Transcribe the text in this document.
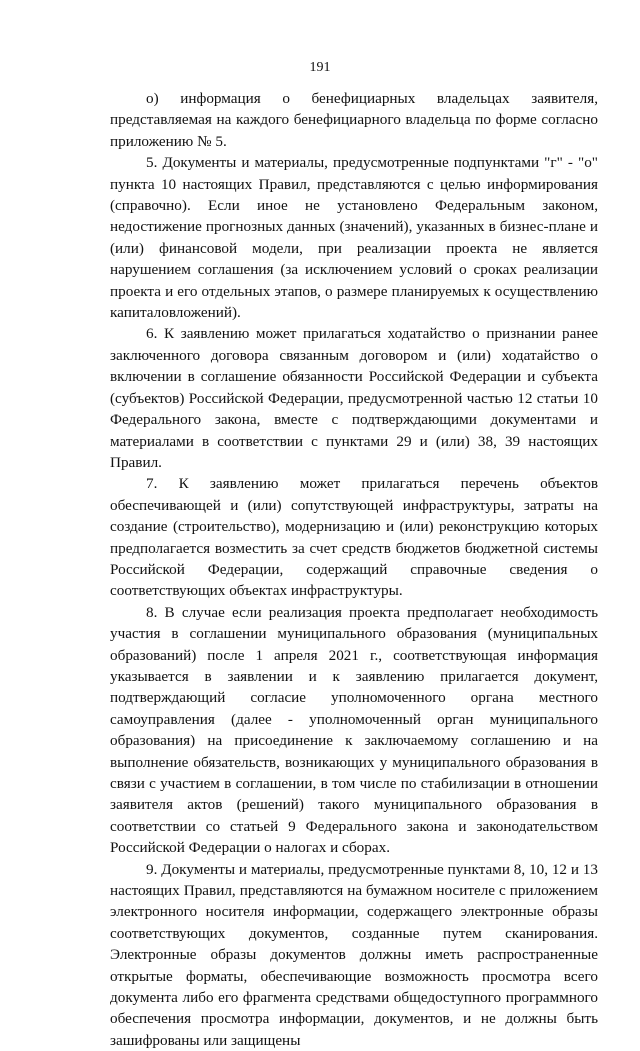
191

о) информация о бенефициарных владельцах заявителя, представляемая на каждого бенефициарного владельца по форме согласно приложению № 5.

5. Документы и материалы, предусмотренные подпунктами "г" - "о" пункта 10 настоящих Правил, представляются с целью информирования (справочно). Если иное не установлено Федеральным законом, недостижение прогнозных данных (значений), указанных в бизнес-плане и (или) финансовой модели, при реализации проекта не является нарушением соглашения (за исключением условий о сроках реализации проекта и его отдельных этапов, о размере планируемых к осуществлению капиталовложений).

6. К заявлению может прилагаться ходатайство о признании ранее заключенного договора связанным договором и (или) ходатайство о включении в соглашение обязанности Российской Федерации и субъекта (субъектов) Российской Федерации, предусмотренной частью 12 статьи 10 Федерального закона, вместе с подтверждающими документами и материалами в соответствии с пунктами 29 и (или) 38, 39 настоящих Правил.

7. К заявлению может прилагаться перечень объектов обеспечивающей и (или) сопутствующей инфраструктуры, затраты на создание (строительство), модернизацию и (или) реконструкцию которых предполагается возместить за счет средств бюджетов бюджетной системы Российской Федерации, содержащий справочные сведения о соответствующих объектах инфраструктуры.

8. В случае если реализация проекта предполагает необходимость участия в соглашении муниципального образования (муниципальных образований) после 1 апреля 2021 г., соответствующая информация указывается в заявлении и к заявлению прилагается документ, подтверждающий согласие уполномоченного органа местного самоуправления (далее - уполномоченный орган муниципального образования) на присоединение к заключаемому соглашению и на выполнение обязательств, возникающих у муниципального образования в связи с участием в соглашении, в том числе по стабилизации в отношении заявителя актов (решений) такого муниципального образования в соответствии со статьей 9 Федерального закона и законодательством Российской Федерации о налогах и сборах.

9. Документы и материалы, предусмотренные пунктами 8, 10, 12 и 13 настоящих Правил, представляются на бумажном носителе с приложением электронного носителя информации, содержащего электронные образы соответствующих документов, созданные путем сканирования. Электронные образы документов должны иметь распространенные открытые форматы, обеспечивающие возможность просмотра всего документа либо его фрагмента средствами общедоступного программного обеспечения просмотра информации, документов, и не должны быть зашифрованы или защищены
